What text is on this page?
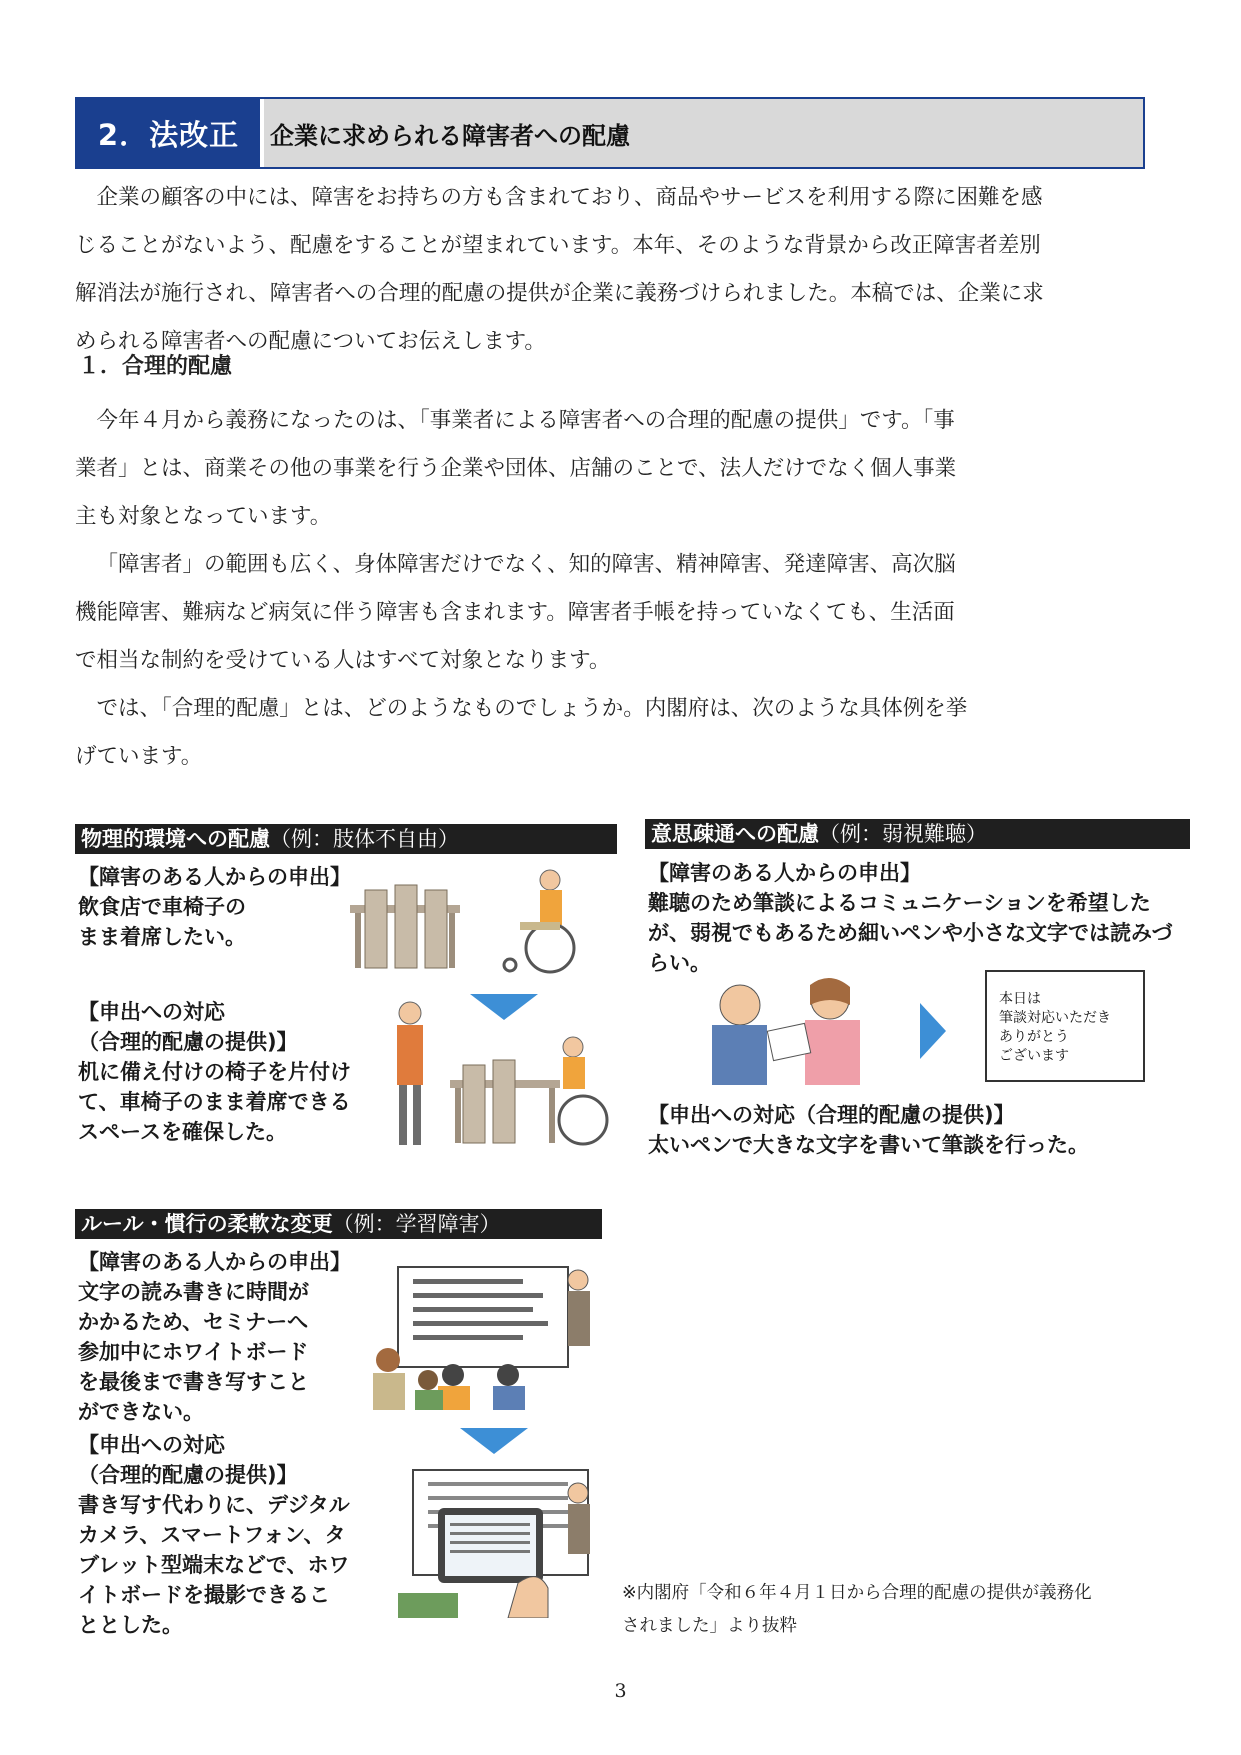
2．法改正	企業に求められる障害者への配慮

企業の顧客の中には、障害をお持ちの方も含まれており、商品やサービスを利用する際に困難を感
じることがないよう、配慮をすることが望まれています。本年、そのような背景から改正障害者差別
解消法が施行され、障害者への合理的配慮の提供が企業に義務づけられました。本稿では、企業に求
められる障害者への配慮についてお伝えします。

１．合理的配慮

今年４月から義務になったのは、「事業者による障害者への合理的配慮の提供」です。「事
業者」とは、商業その他の事業を行う企業や団体、店舗のことで、法人だけでなく個人事業
主も対象となっています。

「障害者」の範囲も広く、身体障害だけでなく、知的障害、精神障害、発達障害、高次脳
機能障害、難病など病気に伴う障害も含まれます。障害者手帳を持っていなくても、生活面
で相当な制約を受けている人はすべて対象となります。

では、「合理的配慮」とは、どのようなものでしょうか。内閣府は、次のような具体例を挙
げています。

物理的環境への配慮（例：肢体不自由）

【障害のある人からの申出】
飲食店で車椅子の
まま着席したい。

【申出への対応
（合理的配慮の提供)】
机に備え付けの椅子を片付け
て、車椅子のまま着席できる
スペースを確保した。

意思疎通への配慮（例：弱視難聴）

【障害のある人からの申出】
難聴のため筆談によるコミュニケーションを希望した
が、弱視でもあるため細いペンや小さな文字では読みづ
らい。

本日は
筆談対応いただき
ありがとう
ございます

【申出への対応（合理的配慮の提供)】
太いペンで大きな文字を書いて筆談を行った。

ルール・慣行の柔軟な変更（例：学習障害）

【障害のある人からの申出】
文字の読み書きに時間が
かかるため、セミナーへ
参加中にホワイトボード
を最後まで書き写すこと
ができない。

【申出への対応
（合理的配慮の提供)】
書き写す代わりに、デジタル
カメラ、スマートフォン、タ
ブレット型端末などで、ホワ
イトボードを撮影できるこ
ととした。

※内閣府「令和６年４月１日から合理的配慮の提供が義務化
されました」より抜粋
3
